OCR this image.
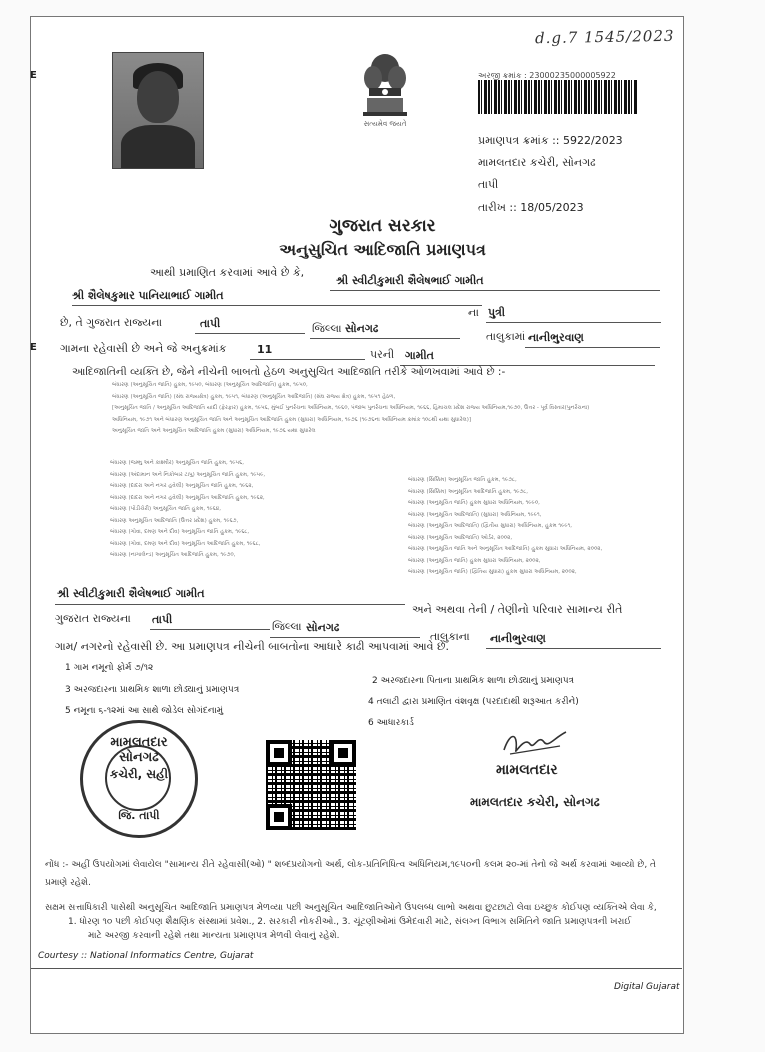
E
E
d.g.7 1545/2023
સત્યમેવ જયતે
અરજી ક્રમાંક : 23000235000005922
પ્રમાણપત્ર ક્રમાંક :: 5922/2023
મામલતદાર કચેરી, સોનગઢ
તાપી
તારીખ :: 18/05/2023
ગુજરાત સરકાર
અનુસુચિત આદિજાતિ પ્રમાણપત્ર
આથી પ્રમાણિત કરવામાં આવે છે કે,
શ્રી સ્વીટીકુમારી શૈલેષભાઈ ગામીત
શ્રી શૈલેષકુમાર પાનિયાભાઈ ગામીત
ના પુત્રી
છે, તે ગુજરાત રાજ્યના	તાપી	જિલ્લા સોનગઢ
તાલુકામાં નાનીભુરવાણ
ગામના રહેવાસી છે અને જે અનુક્રમાંક	11	પરની ગામીત
આદિજાતિની વ્યક્તિ છે, જેને નીચેની બાબતો હેઠળ અનુસુચિત આદિજાતિ તરીકે ઓળખવામાં આવે છે :-
બંધારણ (અનુસૂચિત જાતિ) હુકમ, ૧૯૫૦, બંધારણ (અનુસૂચિત આદિજાતિ) હુકમ, ૧૯૫૦,
બંધારણ (અનુસૂચિત જાતિ) (સંઘ રાજ્યક્ષેત્ર) હુકમ, ૧૯૫૧, બંધારણ (અનુસૂચિત આદિજાતિ) (સંઘ રાજ્ય ક્ષેત્ર) હુકમ, ૧૯૫૧ હેઠળ,
[અનુસૂચિત જાતિ / અનુસૂચિત આદિજાતિ યાદી (ફેરફાર) હુકમ, ૧૯૫૬, મુંબઈ પુનર્રચના અધિનિયમ, ૧૯૬૦, પંજાબ પુનર્રચના અધિનિયમ, ૧૯૬૬, હિમાચલ પ્રદેશ રાજ્ય અધિનિયમ,૧૯૭૦, ઉત્તર - પૂર્વ વિસ્તાર(પુનર્રચના)
અધિનિયમ, ૧૯૭૧ અને બંધારણ અનુસૂચિત જાતિ અને અનુસૂચિત આદિજાતિ હુકમ (સુધારા) અધિનિયમ, ૧૯૭૬ (૧૯૭૬ના અધિનિયમ ક્રમાંક ૧૦૮થી યથા સુધારેલ)]
અનુસૂચિત જાતિ અને અનુસૂચિત આદિજાતિ હુકમ (સુધારા) અધિનિયમ, ૧૯૭૬ યથા સુધારેલ
બંધારણ (જમ્મુ અને કાશ્મીર) અનુસૂચિત જાતિ હુકમ, ૧૯૫૬,
બંધારણ (અંદામાન અને નિકોબાર ટાપુ) અનુસૂચિત જાતિ હુકમ, ૧૯૫૯,
બંધારણ (દાદરા અને નગર હવેલી) અનુસૂચિત જાતિ હુકમ, ૧૯૬૨,
બંધારણ (દાદરા અને નગર હવેલી) અનુસૂચિત આદિજાતિ હુકમ, ૧૯૬૨,
બંધારણ (પોંડીચેરી) અનુસૂચિત જાતિ હુકમ, ૧૯૬૪,
બંધારણ અનુસૂચિત આદિજાતિ (ઉત્તર પ્રદેશ) હુકમ, ૧૯૬૭,
બંધારણ (ગોવા, દમણ અને દીવ) અનુસૂચિત જાતિ હુકમ, ૧૯૬૮,
બંધારણ (ગોવા, દમણ અને દીવ) અનુસૂચિત આદિજાતિ હુકમ, ૧૯૬૮,
બંધારણ (નાગાલેન્ડ) અનુસૂચિત આદિજાતિ હુકમ, ૧૯૭૦,
બંધારણ (સિક્કિમ) અનુસૂચિત જાતિ હુકમ, ૧૯૭૮,
બંધારણ (સિક્કિમ) અનુસૂચિત આદિજાતિ હુકમ, ૧૯૭૮,
બંધારણ (અનુસૂચિત જાતિ) હુકમ સુધારા અધિનિયમ, ૧૯૯૦,
બંધારણ (અનુસૂચિત આદિજાતિ) (સુધારા) અધિનિયમ, ૧૯૯૧,
બંધારણ (અનુસૂચિત આદિજાતિ) (દ્વિતીય સુધારા) અધિનિયમ, હુકમ ૧૯૯૧,
બંધારણ (અનુસૂચિત આદિજાતિ) ઓર્ડર, ૨૦૦૨,
બંધારણ (અનુસૂચિત જાતિ અને અનુસૂચિત આદિજાતિ) હુકમ સુધારા અધિનિયમ, ૨૦૦૨,
બંધારણ (અનુસૂચિત જાતિ) હુકમ સુધારા અધિનિયમ, ૨૦૦૨,
બંધારણ (અનુસૂચિત જાતિ) (દ્વિતિય સુધારા) હુકમ સુધારા અધિનિયમ, ૨૦૦૨,
શ્રી સ્વીટીકુમારી શૈલેષભાઈ ગામીત
અને અથવા તેની / તેણીનો પરિવાર સામાન્ય રીતે
ગુજરાત રાજ્યના તાપી
જિલ્લા સોનગઢ
તાલુકાના નાનીભુરવાણ
ગામ/ નગરનો રહેવાસી છે. આ પ્રમાણપત્ર નીચેની બાબતોના આધારે કાઢી આપવામાં આવે છે.
1 ગામ નમૂનો ફોર્મ ૭/૧૨
2 અરજદારના પિતાના પ્રાથમિક શાળા છોડ્યાનું પ્રમાણપત્ર
3 અરજદારના પ્રાથમિક શાળા છોડ્યાનું પ્રમાણપત્ર
4 તલાટી દ્વારા પ્રમાણિત વંશવૃક્ષ (પરદાદાથી શરૂઆત કરીને)
5 નમૂના ૬-૧૨માં આ સાથે જોડેલ સોગંદનામું
6 આધારકાર્ડ
મામલતદાર સોનગઢ
કચેરી, સહી
જિ. તાપી
મામલતદાર
મામલતદાર કચેરી, સોનગઢ
નોંધ :- અહીં ઉપયોગમાં લેવાયેલ "સામાન્ય રીતે રહેવાસી(ઓ) " શબ્દપ્રયોગનો અર્થ, લોક-પ્રતિનિધિત્વ અધિનિયમ,૧૯૫૦ની કલમ ૨૦-માં તેનો જે અર્થ કરવામાં આવ્યો છે, તે
પ્રમાણે રહેશે.
સક્ષમ સત્તાધિકારી પાસેથી અનુસૂચિત આદિજાતિ પ્રમાણપત્ર મેળવ્યા પછી અનુસૂચિત આદિજાતિઓને ઉપલબ્ધ લાભો અથવા છુટછાટો લેવા ઇચ્છુક કોઈપણ વ્યક્તિએ લેવા કે,
1. ધોરણ ૧૦ પછી કોઈપણ શૈક્ષણિક સંસ્થામાં પ્રવેશ., 2. સરકારી નોકરીઓ., 3. ચૂંટણીઓમાં ઉમેદવારી માટે, સંલગ્ન વિભાગ સમિતિને જાતિ પ્રમાણપત્રની ખરાઈ
માટે અરજી કરવાની રહેશે તથા માન્યતા પ્રમાણપત્ર મેળવી લેવાનું રહેશે.
Courtesy :: National Informatics Centre, Gujarat
Digital Gujarat
